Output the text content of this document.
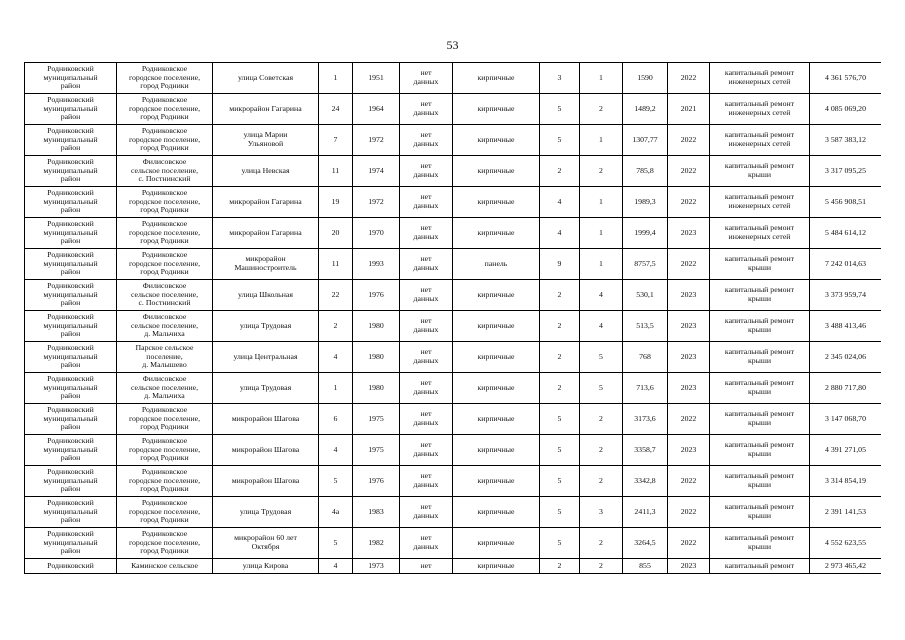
53
Родниковский
муниципальный
район	Родниковское
городское поселение,
город Родники	улица Советская	1	1951	нет
данных	кирпичные	3	1	1590	2022	капитальный ремонт
инженерных сетей	4 361 576,70
Родниковский
муниципальный
район	Родниковское
городское поселение,
город Родники	микрорайон Гагарина	24	1964	нет
данных	кирпичные	5	2	1489,2	2021	капитальный ремонт
инженерных сетей	4 085 069,20
Родниковский
муниципальный
район	Родниковское
городское поселение,
город Родники	улица Марии
Ульяновой	7	1972	нет
данных	кирпичные	5	1	1307,77	2022	капитальный ремонт
инженерных сетей	3 587 383,12
Родниковский
муниципальный
район	Филисовское
сельское поселение,
с. Постнинский	улица Невская	11	1974	нет
данных	кирпичные	2	2	785,8	2022	капитальный ремонт
крыши	3 317 095,25
Родниковский
муниципальный
район	Родниковское
городское поселение,
город Родники	микрорайон Гагарина	19	1972	нет
данных	кирпичные	4	1	1989,3	2022	капитальный ремонт
инженерных сетей	5 456 908,51
Родниковский
муниципальный
район	Родниковское
городское поселение,
город Родники	микрорайон Гагарина	20	1970	нет
данных	кирпичные	4	1	1999,4	2023	капитальный ремонт
инженерных сетей	5 484 614,12
Родниковский
муниципальный
район	Родниковское
городское поселение,
город Родники	микрорайон
Машиностроитель	11	1993	нет
данных	панель	9	1	8757,5	2022	капитальный ремонт
крыши	7 242 014,63
Родниковский
муниципальный
район	Филисовское
сельское поселение,
с. Постнинский	улица Школьная	22	1976	нет
данных	кирпичные	2	4	530,1	2023	капитальный ремонт
крыши	3 373 959,74
Родниковский
муниципальный
район	Филисовское
сельское поселение,
д. Мальчиха	улица Трудовая	2	1980	нет
данных	кирпичные	2	4	513,5	2023	капитальный ремонт
крыши	3 488 413,46
Родниковский
муниципальный
район	Парское сельское
поселение,
д. Малышево	улица Центральная	4	1980	нет
данных	кирпичные	2	5	768	2023	капитальный ремонт
крыши	2 345 024,06
Родниковский
муниципальный
район	Филисовское
сельское поселение,
д. Мальчиха	улица Трудовая	1	1980	нет
данных	кирпичные	2	5	713,6	2023	капитальный ремонт
крыши	2 880 717,80
Родниковский
муниципальный
район	Родниковское
городское поселение,
город Родники	микрорайон Шагова	6	1975	нет
данных	кирпичные	5	2	3173,6	2022	капитальный ремонт
крыши	3 147 068,70
Родниковский
муниципальный
район	Родниковское
городское поселение,
город Родники	микрорайон Шагова	4	1975	нет
данных	кирпичные	5	2	3358,7	2023	капитальный ремонт
крыши	4 391 271,05
Родниковский
муниципальный
район	Родниковское
городское поселение,
город Родники	микрорайон Шагова	5	1976	нет
данных	кирпичные	5	2	3342,8	2022	капитальный ремонт
крыши	3 314 854,19
Родниковский
муниципальный
район	Родниковское
городское поселение,
город Родники	улица Трудовая	4а	1983	нет
данных	кирпичные	5	3	2411,3	2022	капитальный ремонт
крыши	2 391 141,53
Родниковский
муниципальный
район	Родниковское
городское поселение,
город Родники	микрорайон 60 лет
Октября	5	1982	нет
данных	кирпичные	5	2	3264,5	2022	капитальный ремонт
крыши	4 552 623,55
Родниковский	Каминское сельское	улица Кирова	4	1973	нет	кирпичные	2	2	855	2023	капитальный ремонт	2 973 465,42
